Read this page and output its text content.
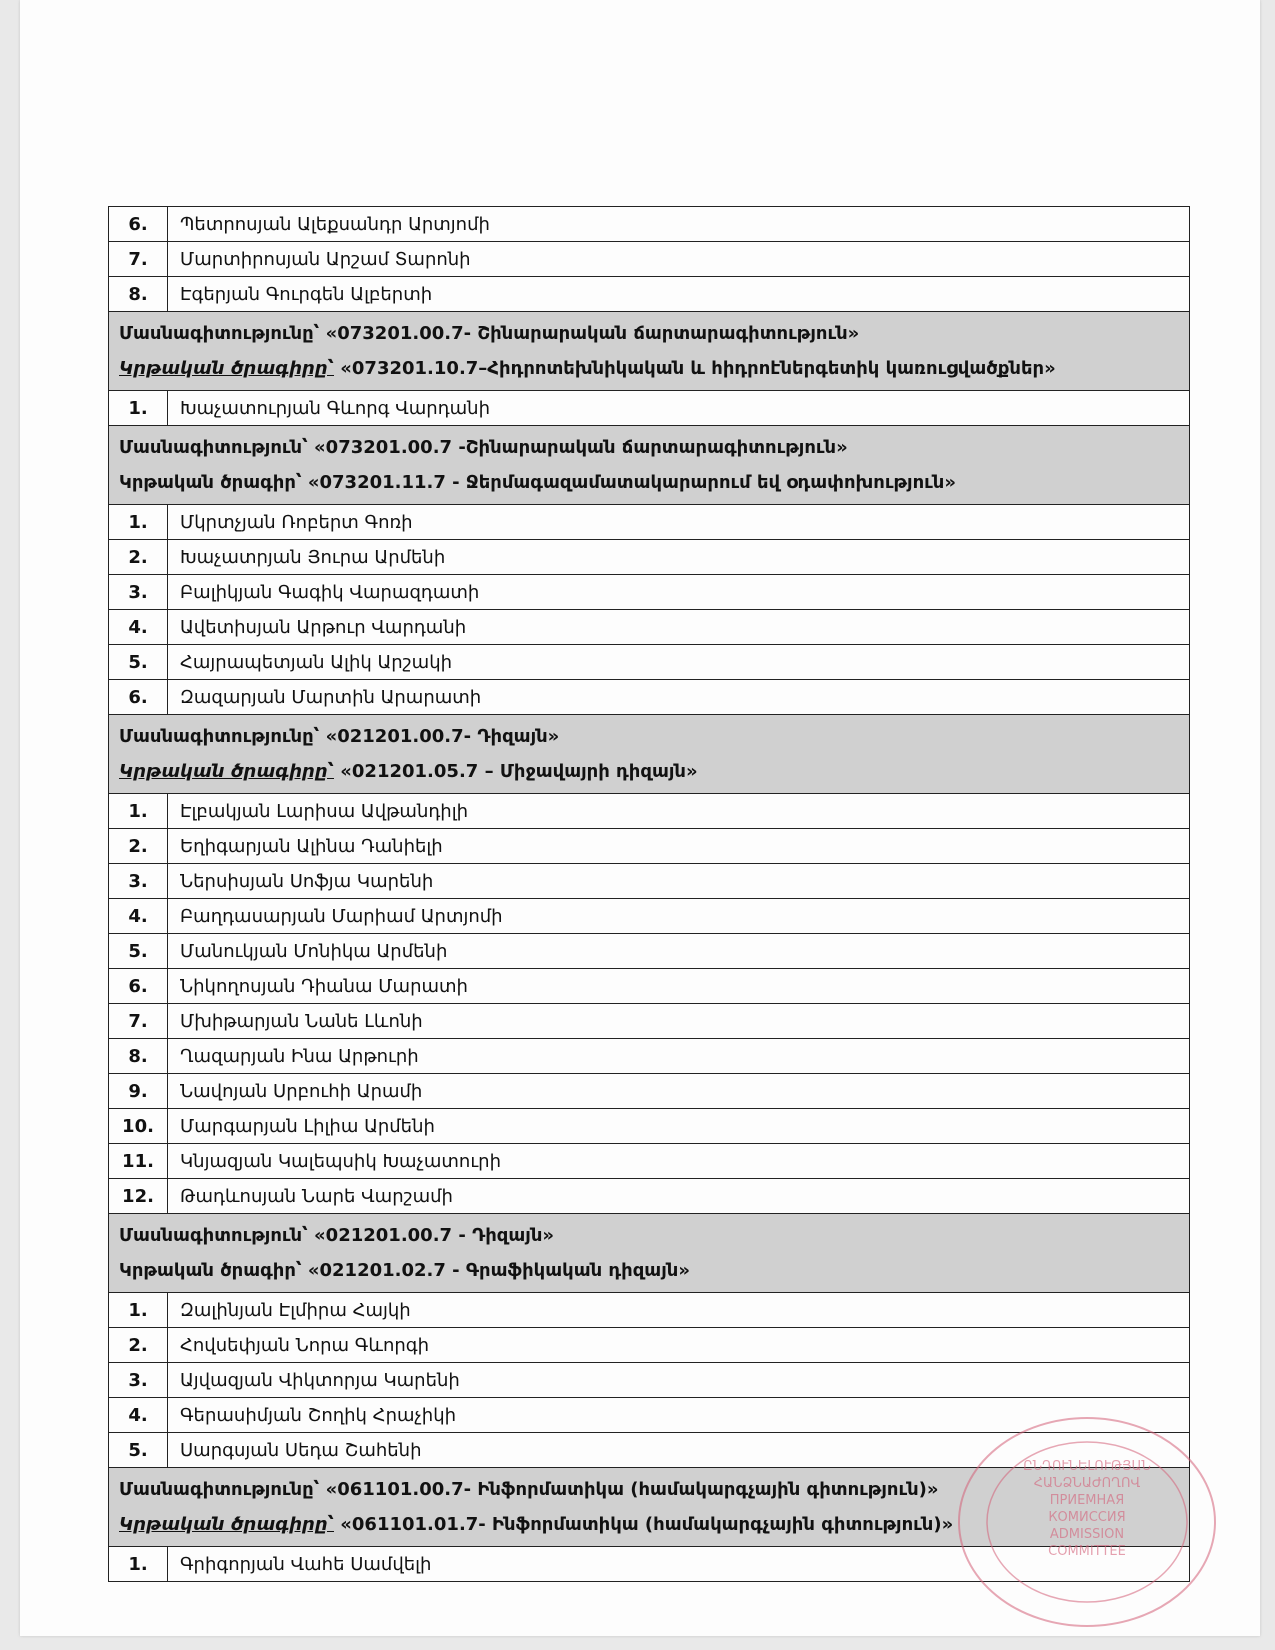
6.	Պետրոսյան Ալեքսանդր Արտյոմի
7.	Մարտիրոսյան Արշամ Տարոնի
8.	Էգերյան Գուրգեն Ալբերտի

Մասնագիտությունը՝ «073201.00.7- Շինարարական ճարտարագիտություն»
Կրթական ծրագիրը՝ «073201.10.7–Հիդրոտեխնիկական և հիդրոէներգետիկ կառուցվածքներ»	

1.	Խաչատուրյան Գևորգ Վարդանի

Մասնագիտություն՝ «073201.00.7 -Շինարարական ճարտարագիտություն»
Կրթական ծրագիր՝ «073201.11.7 - Ջերմագազամատակարարում եվ օդափոխություն»	

1.	Մկրտչյան Ռոբերտ Գոռի
2.	Խաչատրյան Յուրա Արմենի
3.	Բալիկյան Գագիկ Վարազդատի
4.	Ավետիսյան Արթուր Վարդանի
5.	Հայրապետյան Ալիկ Արշակի
6.	Զազարյան Մարտին Արարատի

Մասնագիտությունը՝ «021201.00.7- Դիզայն»
Կրթական ծրագիրը՝ «021201.05.7 – Միջավայրի դիզայն»	

1.	Էլբակյան Լարիսա Ավթանդիլի
2.	Եղիգարյան Ալինա Դանիելի
3.	Ներսիսյան Սոֆյա Կարենի
4.	Բաղդասարյան Մարիամ Արտյոմի
5.	Մանուկյան Մոնիկա Արմենի
6.	Նիկողոսյան Դիանա Մարատի
7.	Մխիթարյան Նանե Լևոնի
8.	Ղազարյան Ինա Արթուրի
9.	Նավոյան Սրբուհի Արամի
10.	Մարգարյան Լիլիա Արմենի
11.	Կնյազյան Կալեպսիկ Խաչատուրի
12.	Թադևոսյան Նարե Վարշամի

Մասնագիտություն՝ «021201.00.7 - Դիզայն»
Կրթական ծրագիր՝ «021201.02.7 - Գրաֆիկական դիզայն»	

1.	Զալինյան Էլմիրա Հայկի
2.	Հովսեփյան Նորա Գևորգի
3.	Այվազյան Վիկտորյա Կարենի
4.	Գերասիմյան Շողիկ Հրաչիկի
5.	Սարգսյան Սեդա Շահենի

Մասնագիտությունը՝ «061101.00.7- Ինֆորմատիկա (համակարգչային գիտություն)»
Կրթական ծրագիրը՝ «061101.01.7- Ինֆորմատիկա (համակարգչային գիտություն)»	

1.	Գրիգորյան Վահե Սամվելի
ԸՆԴՈՒՆԵԼՈՒԹՅԱՆ
ՀԱՆՁՆԱԺՈՂՈՎ
ПРИЕМНАЯ
КОМИССИЯ
ADMISSION
COMMITTEE
